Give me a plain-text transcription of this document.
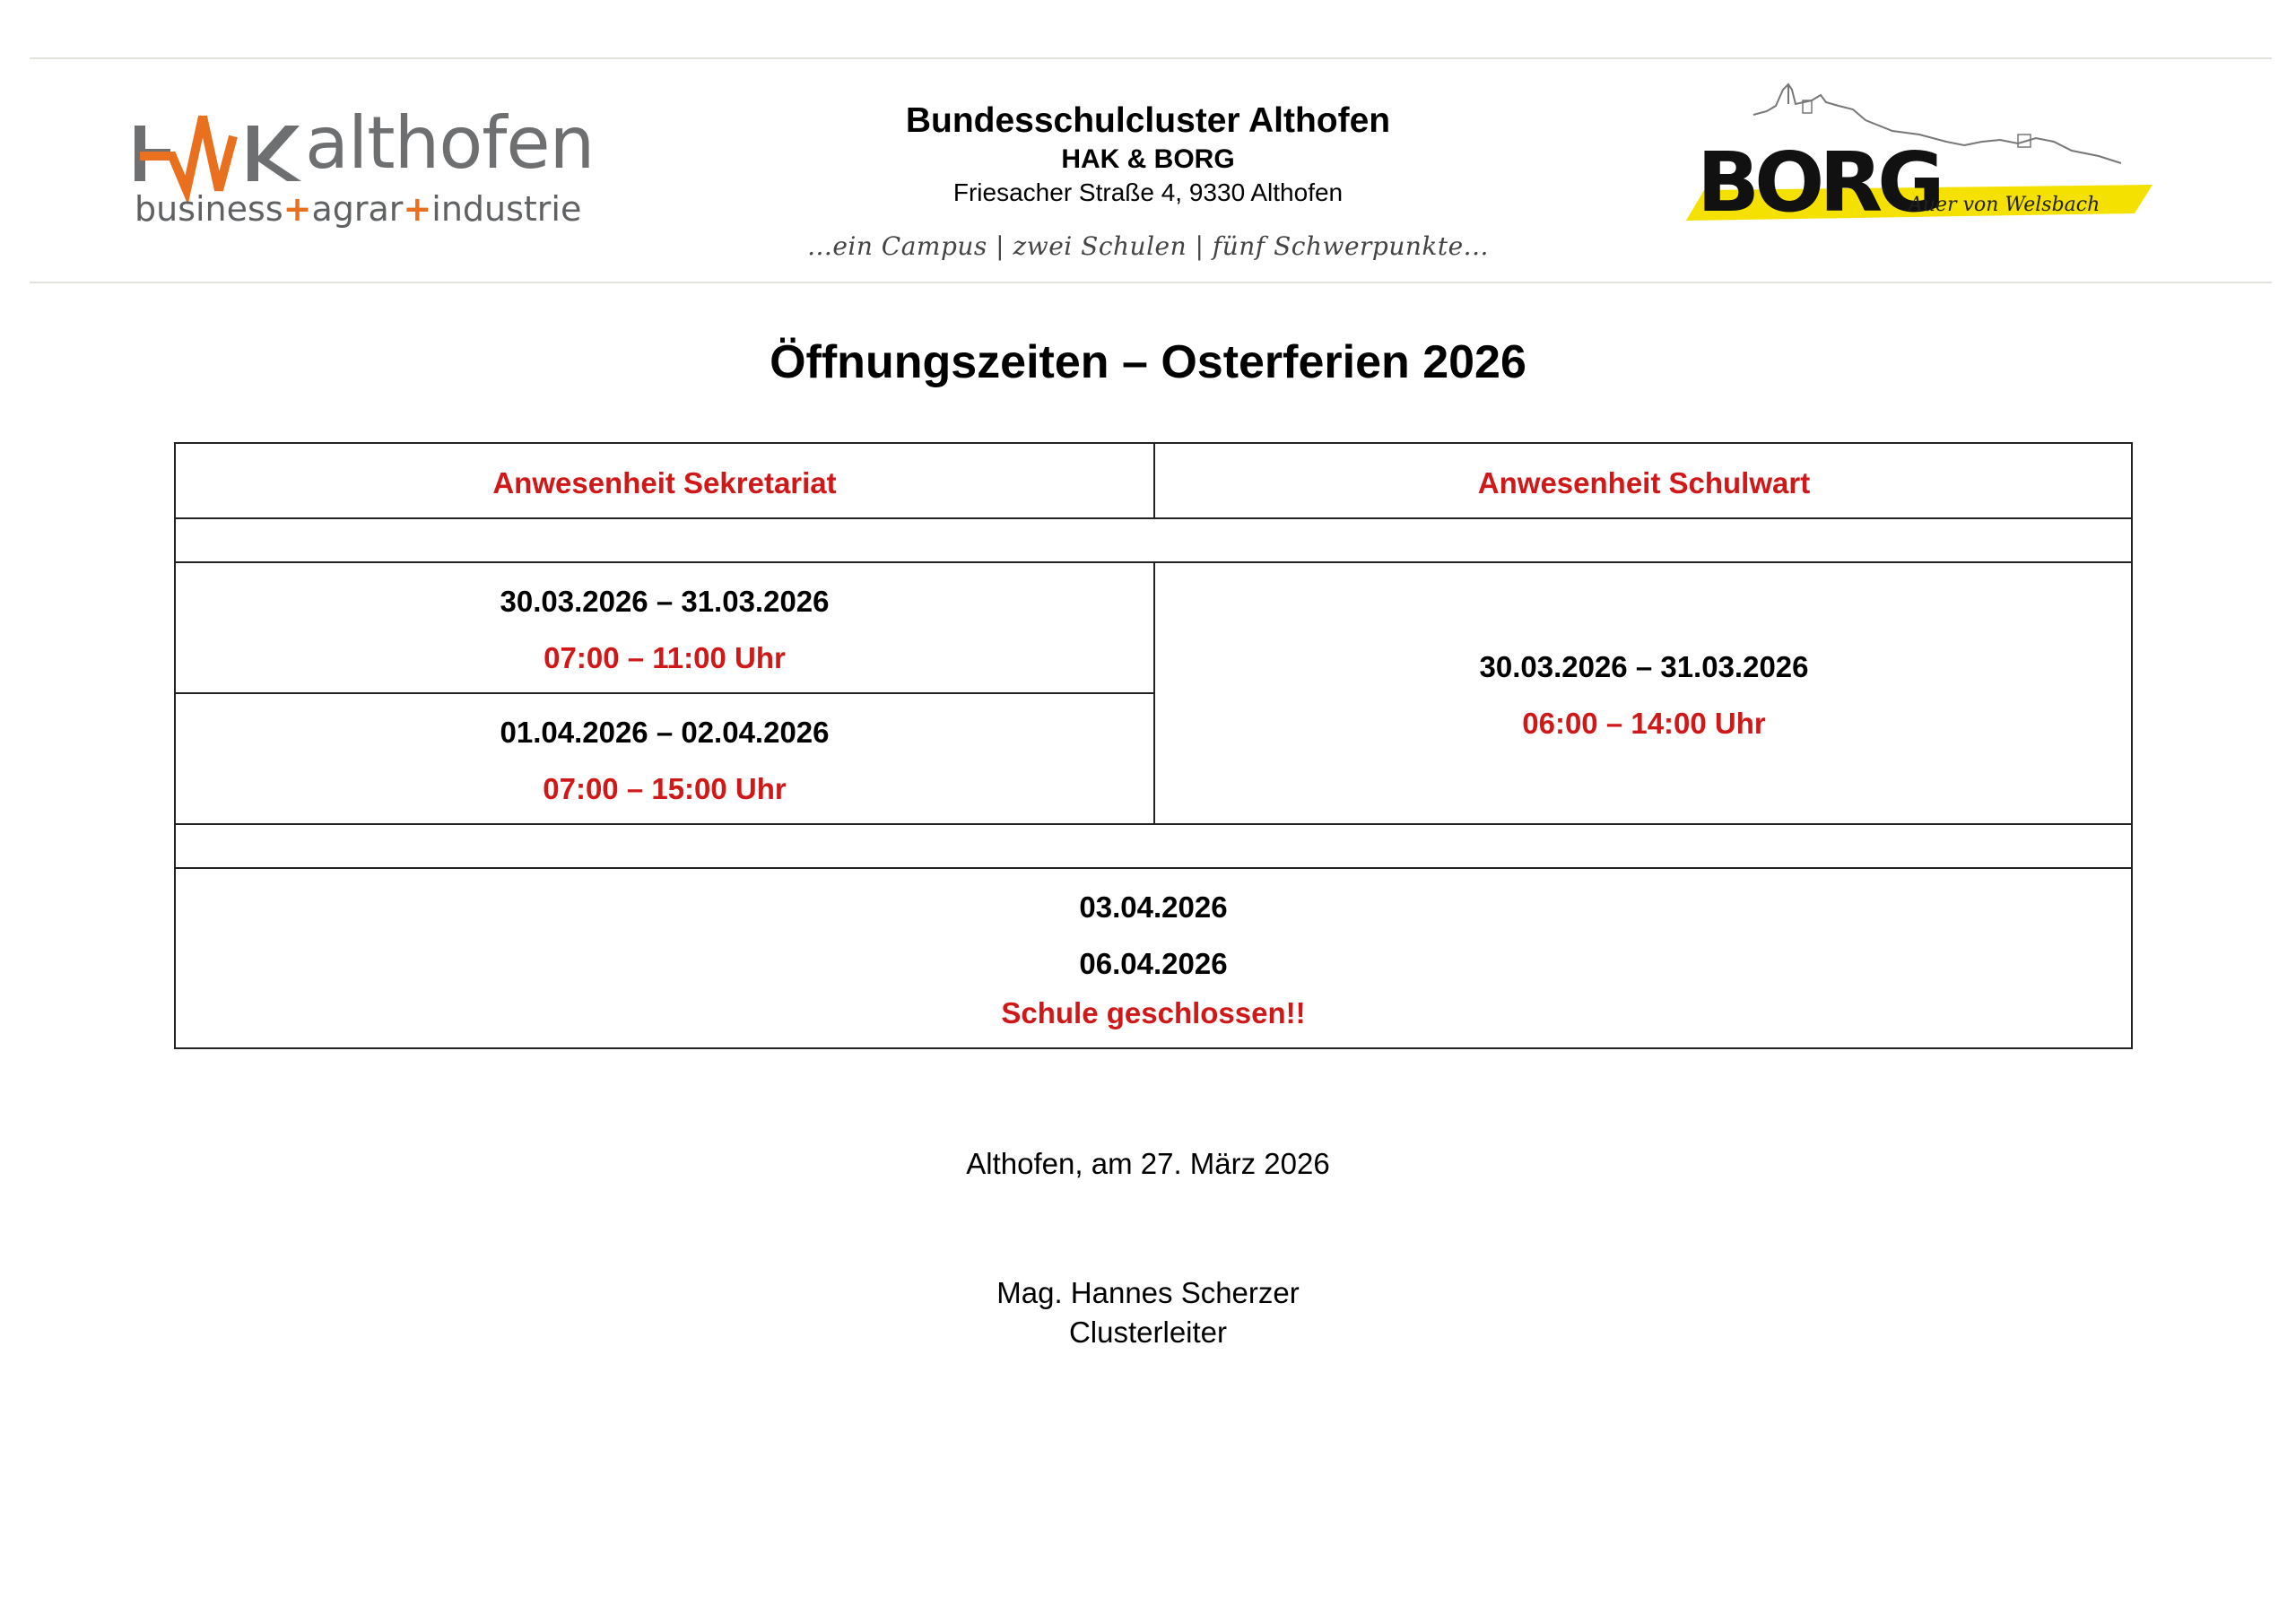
althofen
business+agrar+industrie
Bundesschulcluster Althofen
HAK & BORG
Friesacher Straße 4, 9330 Althofen
...ein Campus | zwei Schulen | fünf Schwerpunkte...
BORG
Auer von Welsbach
Öffnungszeiten – Osterferien 2026
Anwesenheit Sekretariat	Anwesenheit Schulwart
30.03.2026 – 31.03.2026
07:00 – 11:00 Uhr
01.04.2026 – 02.04.2026
07:00 – 15:00 Uhr
30.03.2026 – 31.03.2026
06:00 – 14:00 Uhr
03.04.2026
06.04.2026
Schule geschlossen!!
Althofen, am 27. März 2026
Mag. Hannes Scherzer
Clusterleiter
